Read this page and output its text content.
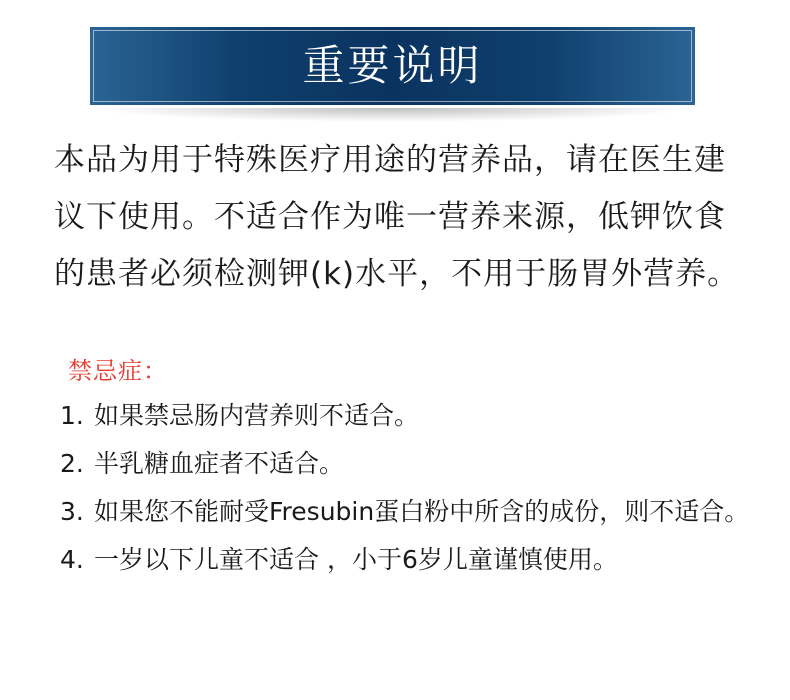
重要说明

本品为用于特殊医疗用途的营养品，请在医生建议下使用。不适合作为唯一营养来源，低钾饮食的患者必须检测钾(k)水平，不用于肠胃外营养。

禁忌症：

1. 如果禁忌肠内营养则不适合。
2. 半乳糖血症者不适合。
3. 如果您不能耐受Fresubin蛋白粉中所含的成份，则不适合。
4. 一岁以下儿童不适合 ，小于6岁儿童谨慎使用。
